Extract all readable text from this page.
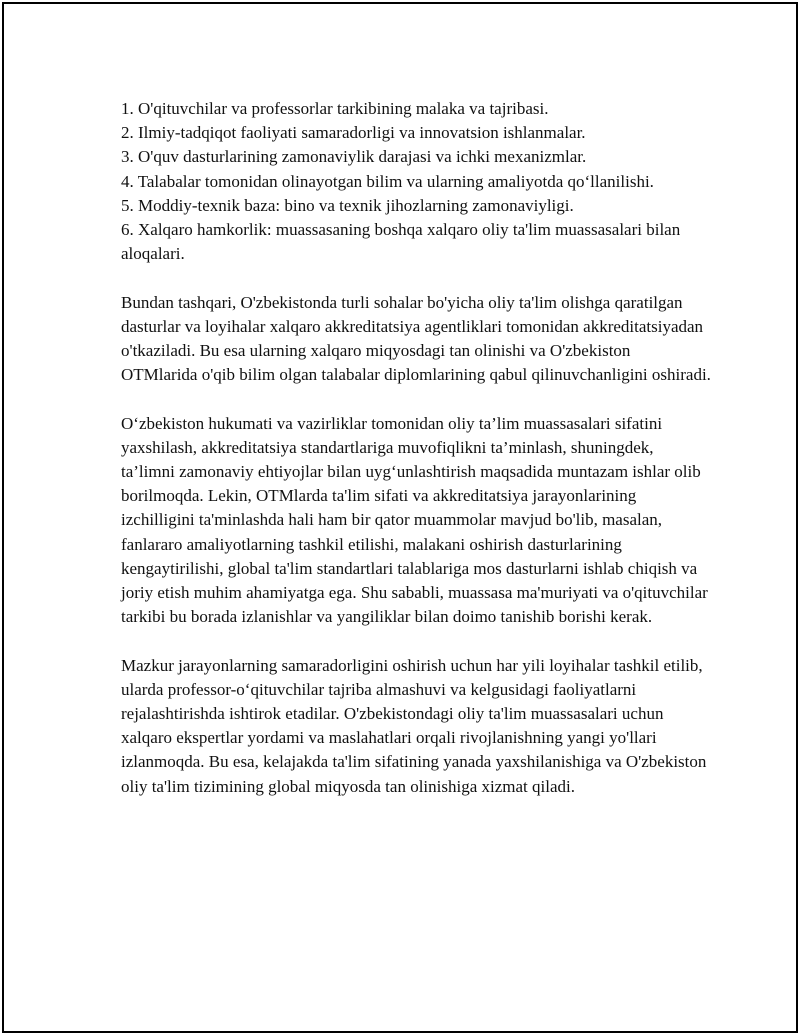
1. O'qituvchilar va professorlar tarkibining malaka va tajribasi.
2. Ilmiy-tadqiqot faoliyati samaradorligi va innovatsion ishlanmalar.
3. O'quv dasturlarining zamonaviylik darajasi va ichki mexanizmlar.
4. Talabalar tomonidan olinayotgan bilim va ularning amaliyotda qo‘llanilishi.
5. Moddiy-texnik baza: bino va texnik jihozlarning zamonaviyligi.
6. Xalqaro hamkorlik: muassasaning boshqa xalqaro oliy ta'lim muassasalari bilan aloqalari.

Bundan tashqari, O'zbekistonda turli sohalar bo'yicha oliy ta'lim olishga qaratilgan dasturlar va loyihalar xalqaro akkreditatsiya agentliklari tomonidan akkreditatsiyadan o'tkaziladi. Bu esa ularning xalqaro miqyosdagi tan olinishi va O'zbekiston OTMlarida o'qib bilim olgan talabalar diplomlarining qabul qilinuvchanligini oshiradi.

O‘zbekiston hukumati va vazirliklar tomonidan oliy ta’lim muassasalari sifatini yaxshilash, akkreditatsiya standartlariga muvofiqlikni ta’minlash, shuningdek, ta’limni zamonaviy ehtiyojlar bilan uyg‘unlashtirish maqsadida muntazam ishlar olib borilmoqda. Lekin, OTMlarda ta'lim sifati va akkreditatsiya jarayonlarining izchilligini ta'minlashda hali ham bir qator muammolar mavjud bo'lib, masalan, fanlararo amaliyotlarning tashkil etilishi, malakani oshirish dasturlarining kengaytirilishi, global ta'lim standartlari talablariga mos dasturlarni ishlab chiqish va joriy etish muhim ahamiyatga ega. Shu sababli, muassasa ma'muriyati va o'qituvchilar tarkibi bu borada izlanishlar va yangiliklar bilan doimo tanishib borishi kerak.

Mazkur jarayonlarning samaradorligini oshirish uchun har yili loyihalar tashkil etilib, ularda professor-o‘qituvchilar tajriba almashuvi va kelgusidagi faoliyatlarni rejalashtirishda ishtirok etadilar. O'zbekistondagi oliy ta'lim muassasalari uchun xalqaro ekspertlar yordami va maslahatlari orqali rivojlanishning yangi yo'llari izlanmoqda. Bu esa, kelajakda ta'lim sifatining yanada yaxshilanishiga va O'zbekiston oliy ta'lim tizimining global miqyosda tan olinishiga xizmat qiladi.
